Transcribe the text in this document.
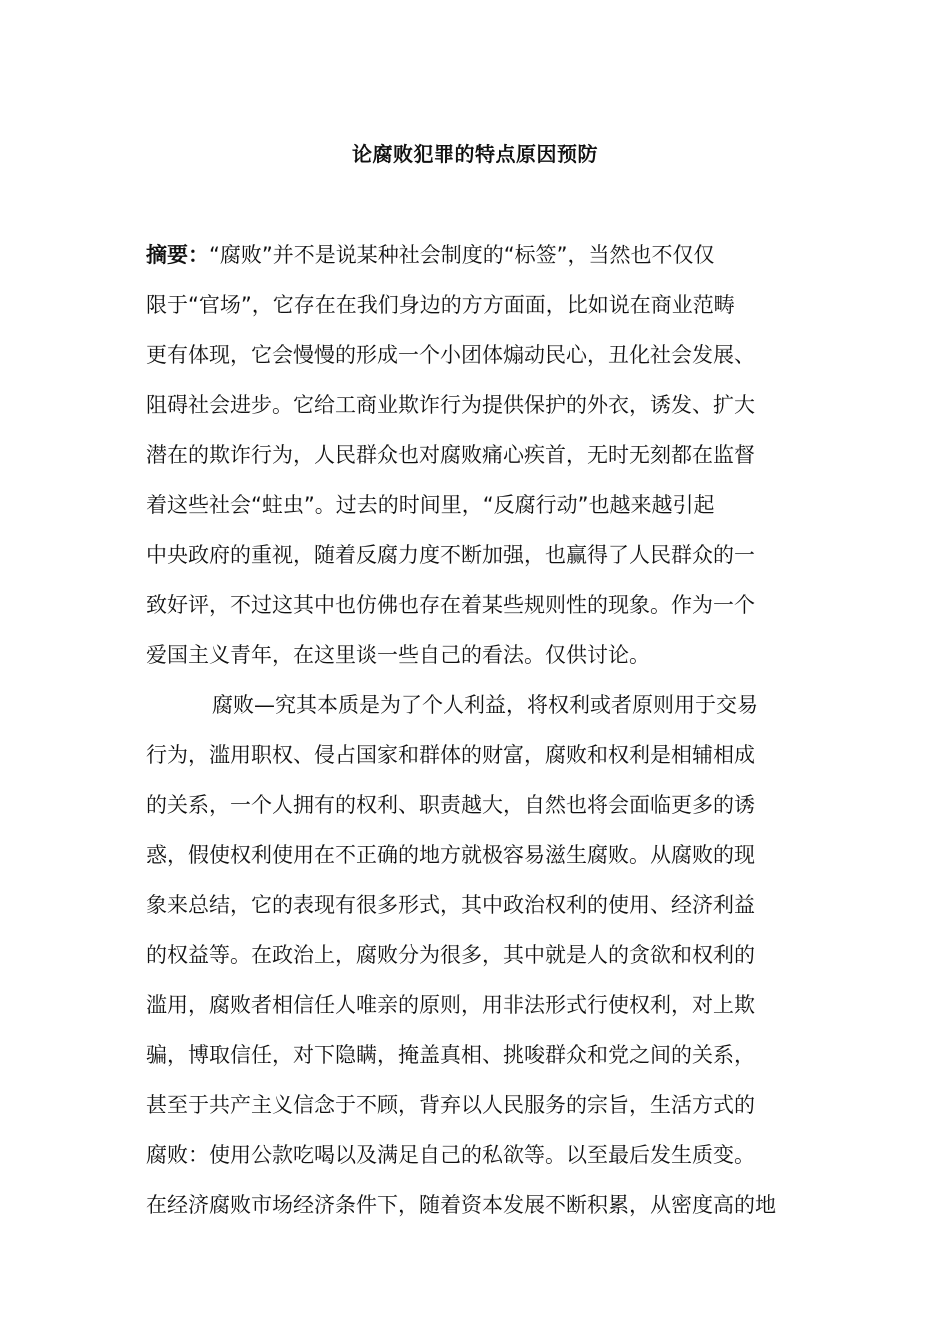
论腐败犯罪的特点原因预防
摘要：“腐败”并不是说某种社会制度的“标签”，当然也不仅仅
限于“官场”，它存在在我们身边的方方面面，比如说在商业范畴
更有体现，它会慢慢的形成一个小团体煽动民心，丑化社会发展、
阻碍社会进步。它给工商业欺诈行为提供保护的外衣，诱发、扩大
潜在的欺诈行为，人民群众也对腐败痛心疾首，无时无刻都在监督
着这些社会“蛀虫”。过去的时间里，“反腐行动”也越来越引起
中央政府的重视，随着反腐力度不断加强，也赢得了人民群众的一
致好评，不过这其中也仿佛也存在着某些规则性的现象。作为一个
爱国主义青年，在这里谈一些自己的看法。仅供讨论。
腐败—究其本质是为了个人利益，将权利或者原则用于交易
行为，滥用职权、侵占国家和群体的财富，腐败和权利是相辅相成
的关系，一个人拥有的权利、职责越大，自然也将会面临更多的诱
惑，假使权利使用在不正确的地方就极容易滋生腐败。从腐败的现
象来总结，它的表现有很多形式，其中政治权利的使用、经济利益
的权益等。在政治上，腐败分为很多，其中就是人的贪欲和权利的
滥用，腐败者相信任人唯亲的原则，用非法形式行使权利，对上欺
骗，博取信任，对下隐瞒，掩盖真相、挑唆群众和党之间的关系，
甚至于共产主义信念于不顾，背弃以人民服务的宗旨，生活方式的
腐败：使用公款吃喝以及满足自己的私欲等。以至最后发生质变。
在经济腐败市场经济条件下，随着资本发展不断积累，从密度高的地
